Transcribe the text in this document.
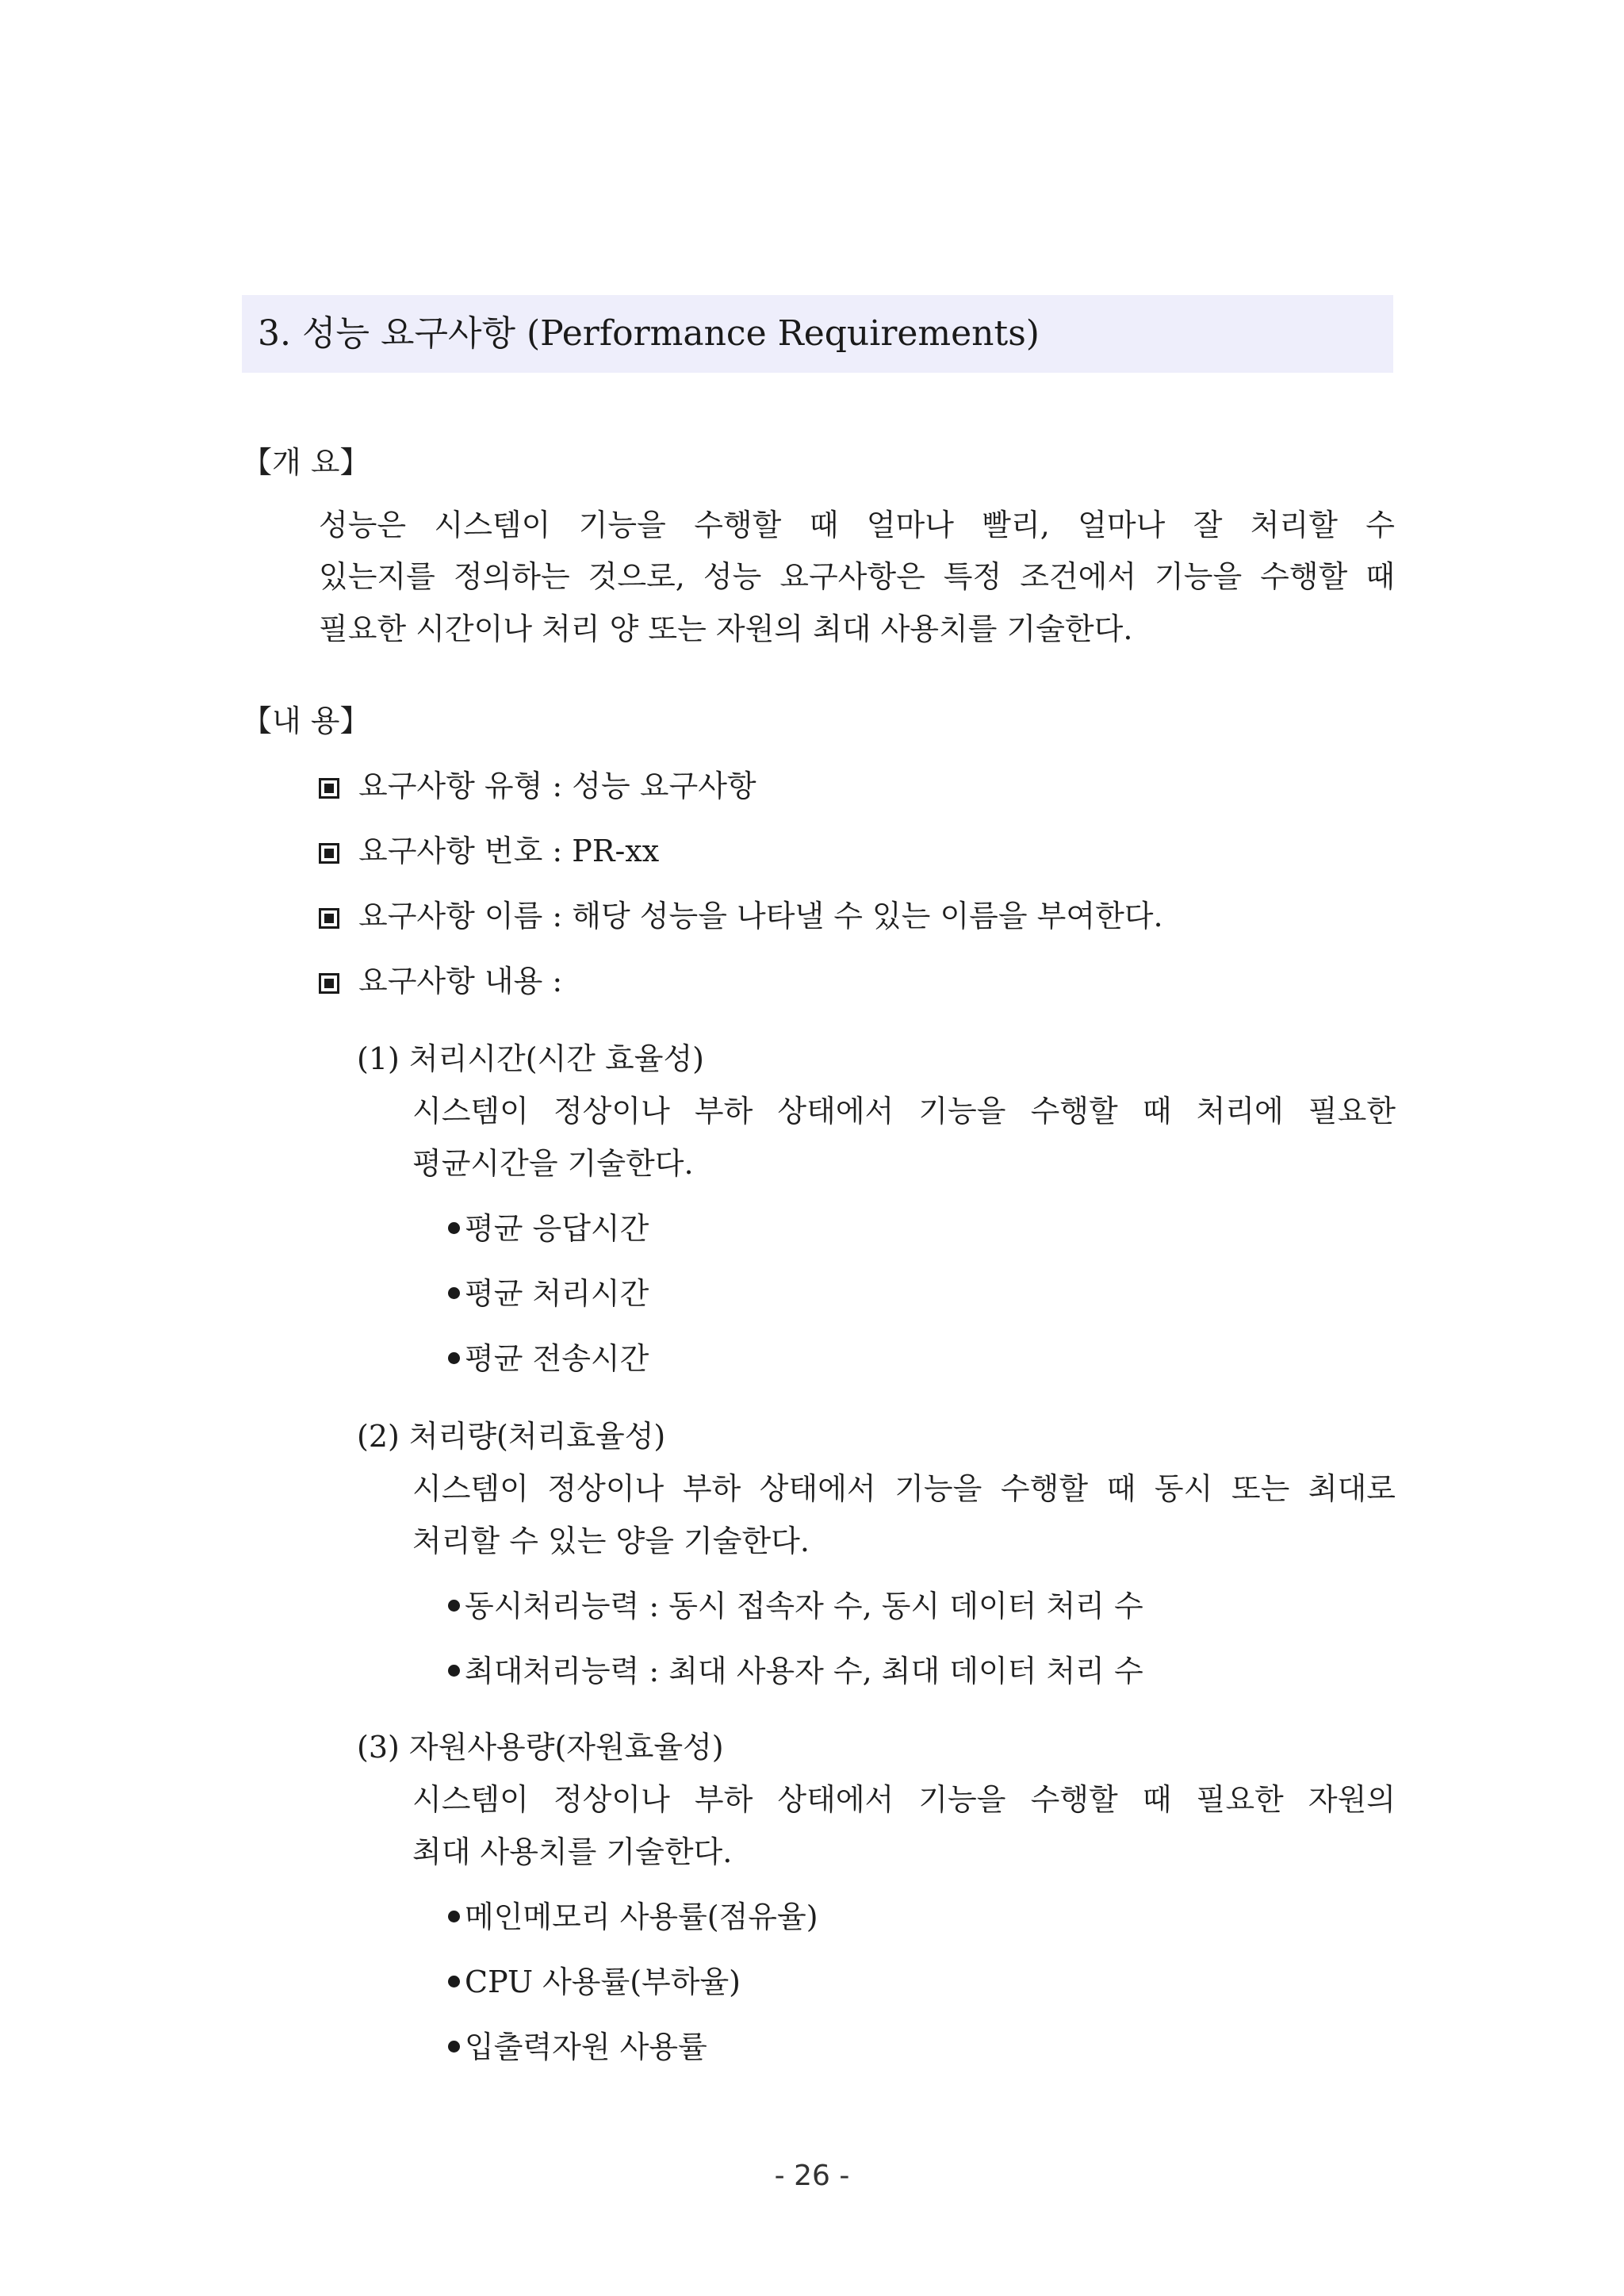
3. 성능 요구사항 (Performance Requirements)
【개 요】
성능은 시스템이 기능을 수행할 때 얼마나 빨리, 얼마나 잘 처리할 수
있는지를 정의하는 것으로, 성능 요구사항은 특정 조건에서 기능을 수행할 때
필요한 시간이나 처리 양 또는 자원의 최대 사용치를 기술한다.
【내 용】
요구사항 유형 : 성능 요구사항
요구사항 번호 : PR-xx
요구사항 이름 : 해당 성능을 나타낼 수 있는 이름을 부여한다.
요구사항 내용 :
(1) 처리시간(시간 효율성)
시스템이 정상이나 부하 상태에서 기능을 수행할 때 처리에 필요한
평균시간을 기술한다.
평균 응답시간
평균 처리시간
평균 전송시간
(2) 처리량(처리효율성)
시스템이 정상이나 부하 상태에서 기능을 수행할 때 동시 또는 최대로
처리할 수 있는 양을 기술한다.
동시처리능력 : 동시 접속자 수, 동시 데이터 처리 수
최대처리능력 : 최대 사용자 수, 최대 데이터 처리 수
(3) 자원사용량(자원효율성)
시스템이 정상이나 부하 상태에서 기능을 수행할 때 필요한 자원의
최대 사용치를 기술한다.
메인메모리 사용률(점유율)
CPU 사용률(부하율)
입출력자원 사용률
- 26 -
